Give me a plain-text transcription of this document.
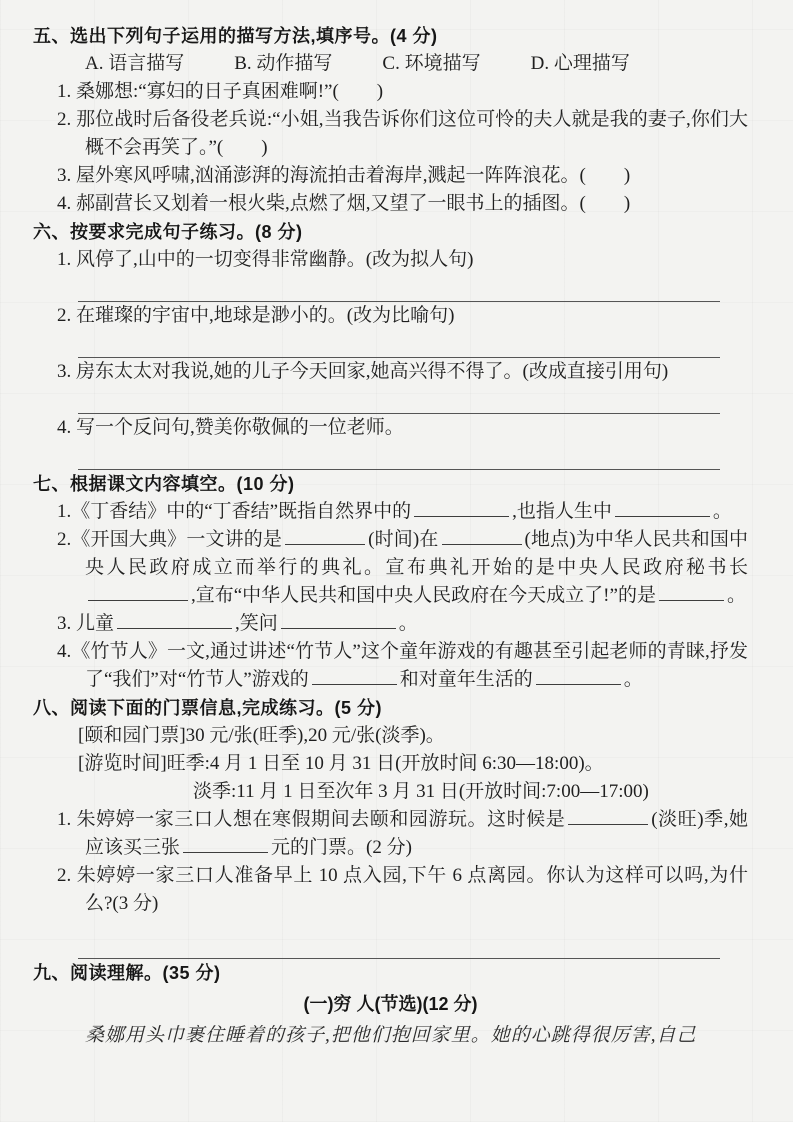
五、选出下列句子运用的描写方法,填序号。(4 分)
A. 语言描写	B. 动作描写	C. 环境描写	D. 心理描写
1. 桑娜想:“寡妇的日子真困难啊!”(　　)
2. 那位战时后备役老兵说:“小姐,当我告诉你们这位可怜的夫人就是我的妻子,你们大概不会再笑了。”(　　)
3. 屋外寒风呼啸,汹涌澎湃的海流拍击着海岸,溅起一阵阵浪花。(　　)
4. 郝副营长又划着一根火柴,点燃了烟,又望了一眼书上的插图。(　　)
六、按要求完成句子练习。(8 分)
1. 风停了,山中的一切变得非常幽静。(改为拟人句)
2. 在璀璨的宇宙中,地球是渺小的。(改为比喻句)
3. 房东太太对我说,她的儿子今天回家,她高兴得不得了。(改成直接引用句)
4. 写一个反问句,赞美你敬佩的一位老师。
七、根据课文内容填空。(10 分)
1.《丁香结》中的“丁香结”既指自然界中的	,也指人生中	。
2.《开国大典》一文讲的是	(时间)在	(地点)为中华人民共和国中央人民政府成立而举行的典礼。宣布典礼开始的是中央人民政府秘书长,宣布“中华人民共和国中央人民政府在今天成立了!”的是	。
3. 儿童	,笑问	。
4.《竹节人》一文,通过讲述“竹节人”这个童年游戏的有趣甚至引起老师的青睐,抒发了“我们”对“竹节人”游戏的	和对童年生活的	。
八、阅读下面的门票信息,完成练习。(5 分)
[颐和园门票]30 元/张(旺季),20 元/张(淡季)。
[游览时间]旺季:4 月 1 日至 10 月 31 日(开放时间 6:30—18:00)。
淡季:11 月 1 日至次年 3 月 31 日(开放时间:7:00—17:00)
1. 朱婷婷一家三口人想在寒假期间去颐和园游玩。这时候是	(淡旺)季,她应该买三张	元的门票。(2 分)
2. 朱婷婷一家三口人准备早上 10 点入园,下午 6 点离园。你认为这样可以吗,为什么?(3 分)
九、阅读理解。(35 分)
(一)穷 人(节选)(12 分)
桑娜用头巾裹住睡着的孩子,把他们抱回家里。她的心跳得很厉害,自己
